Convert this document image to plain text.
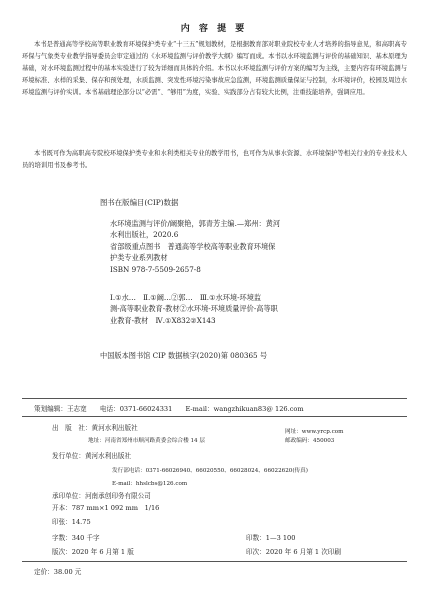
内 容 提 要

本书是普通高等学校高等职业教育环境保护类专业“十三五”规划教材，是根据教育部对职业院校专业人才培养的指导意见，和高职高专环保与气象类专业教学指导委员会审定通过的《水环境监测与评价教学大纲》编写而成。本书以水环境监测与评价的基础知识、基本原理为基础，对水环境监测过程中的基本实验进行了较为详细而具体的介绍。本书以水环境监测与评价方案的编写为主线，主要内容有环境监测与环境标准、水样的采集、保存和预处理，水质监测、突发性环境污染事故应急监测，环境监测质量保证与控制，水环境评价，校园及周边水环境监测与评价实训。本书基础理论部分以“必需”、“够用”为度，实验、实践部分占有较大比例，注重技能培养，强调应用。

本书既可作为高职高专院校环境保护类专业和水利类相关专业的教学用书，也可作为从事水资源、水环境保护等相关行业的专业技术人员的培训用书及参考书。

图书在版编目(CIP)数据
水环境监测与评价/阚聚艳，郭青芳主编.—郑州：黄河
水利出版社，2020.6
省部级重点图书　普通高等学校高等职业教育环境保
护类专业系列教材
ISBN 978-7-5509-2657-8
Ⅰ.①水…　Ⅱ.①阚…②郭…　Ⅲ.①水环境-环境监
测-高等职业教育-教材②水环境-环境质量评价-高等职
业教育-教材　Ⅳ.①X832②X143
中国版本图书馆 CIP 数据核字(2020)第 080365 号
策划编辑：王志宽　　电话：0371-66024331　　E-mail：wangzhikuan83@ 126.com
出　版　社：黄河水利出版社	网址：www.yrcp.com
地址：河南省郑州市顺河路黄委会综合楼 14 层	邮政编码：450003
发行单位：黄河水利出版社
发行部电话：0371-66026940、66020550、66028024、66022620(传真)
E-mail：hhslcbs@126.com
承印单位：河南承创印务有限公司
开本：787 mm×1 092 mm　1/16
印张：14.75
字数：340 千字	印数：1—3 100
版次：2020 年 6 月第 1 版	印次：2020 年 6 月第 1 次印刷
定价：38.00 元
